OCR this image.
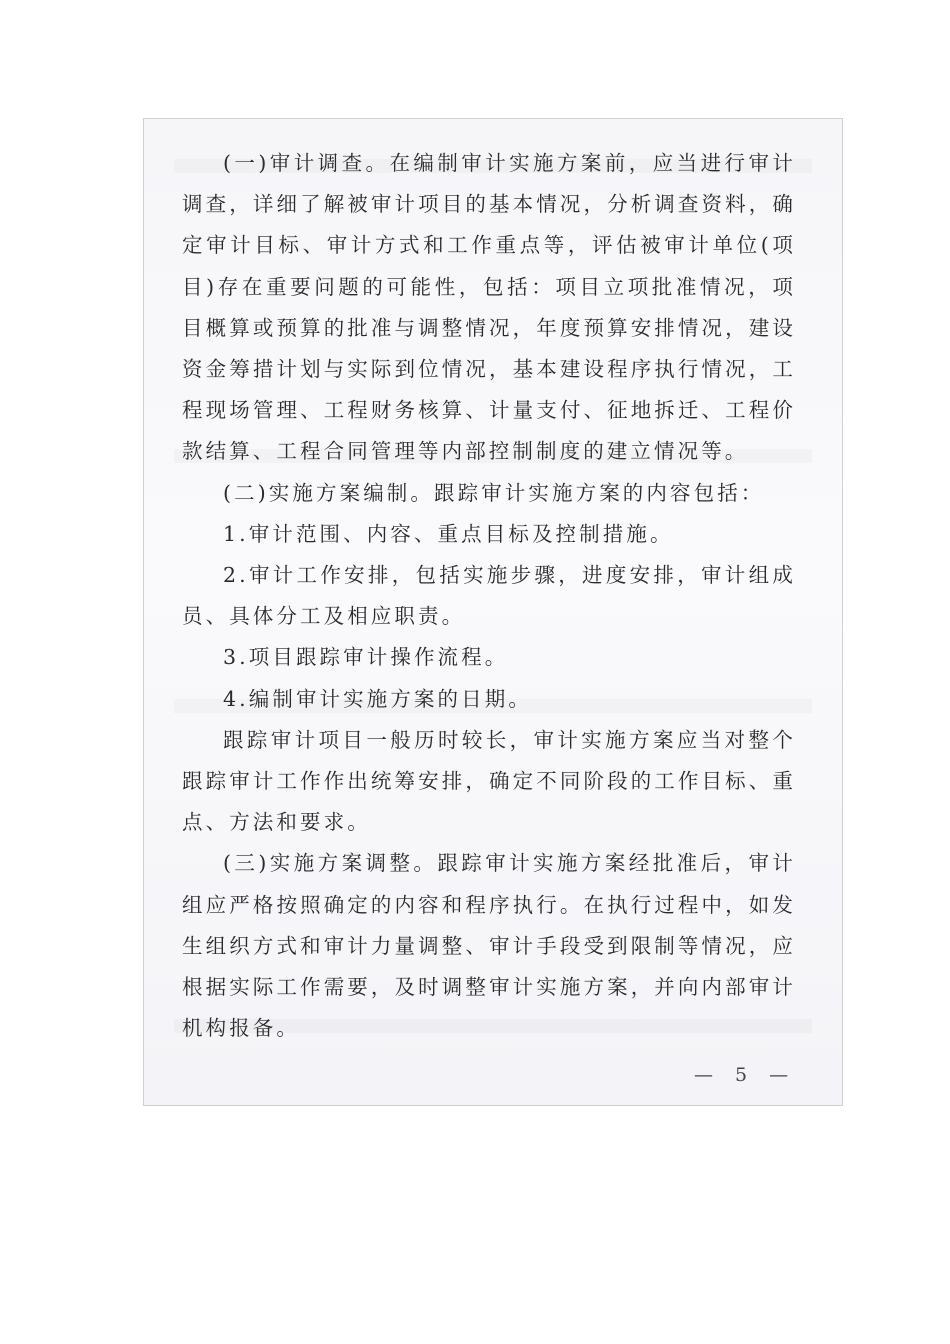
(一)审计调查。在编制审计实施方案前，应当进行审计调查，详细了解被审计项目的基本情况，分析调查资料，确定审计目标、审计方式和工作重点等，评估被审计单位(项目)存在重要问题的可能性，包括：项目立项批准情况，项目概算或预算的批准与调整情况，年度预算安排情况，建设资金筹措计划与实际到位情况，基本建设程序执行情况，工程现场管理、工程财务核算、计量支付、征地拆迁、工程价款结算、工程合同管理等内部控制制度的建立情况等。

(二)实施方案编制。跟踪审计实施方案的内容包括：

1.审计范围、内容、重点目标及控制措施。

2.审计工作安排，包括实施步骤，进度安排，审计组成员、具体分工及相应职责。

3.项目跟踪审计操作流程。

4.编制审计实施方案的日期。

跟踪审计项目一般历时较长，审计实施方案应当对整个跟踪审计工作作出统筹安排，确定不同阶段的工作目标、重点、方法和要求。

(三)实施方案调整。跟踪审计实施方案经批准后，审计组应严格按照确定的内容和程序执行。在执行过程中，如发生组织方式和审计力量调整、审计手段受到限制等情况，应根据实际工作需要，及时调整审计实施方案，并向内部审计机构报备。

— 5 —
